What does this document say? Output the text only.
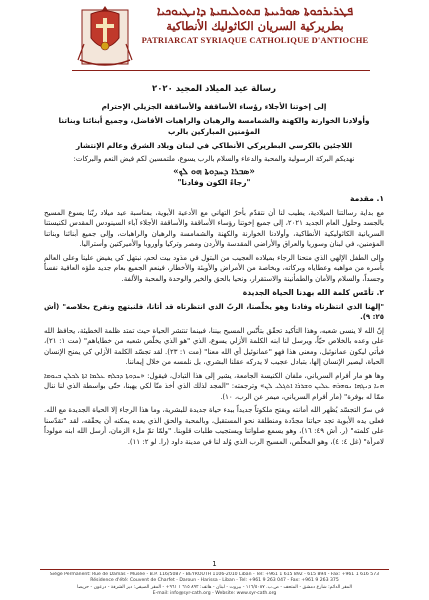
ܦܛܪܝܪܟܘܬܐ ܣܘܪܝܝܬܐ ܩܬܘܠܝܩܝܬܐ ܕܐܢܛܝܘܟܝܐ
بطريركية السريان الكاثوليك الأنطاكية
PATRIARCAT SYRIAQUE CATHOLIQUE D'ANTIOCHE

رسالة عيد الميلاد المجيد ٢٠٢٠

إلى إخوتنا الأجلاء رؤساء الأساقفة والأساقفة الجزيلي الإحترام

وأولادنا الخوارنة والكهنة والشمامسة والرهبان والراهبات الأفاضل، وجميع أبنائنا وبناتنا المؤمنين المباركين بالرب

اللاجئين بالكرسي البطريركي الأنطاكي في لبنان وبلاد الشرق وعالم الإنتشار

نهديكم البركة الرسولية والمحبة والدعاء والسلام بالرب يسوع، ملتمسين لكم فيض النعم والبركات:

«ܣܒܪܐ ܕܚܕܘܬܐ ܗܘ ܠܟ»

"رجاءُ الكون وفادنا"

١. مقدمة

مع بداية رسالتنا الميلادية، يطيب لنا أن نتقدّم بأحرّ التهاني مع الأدعية الأبوية، بمناسبة عيد ميلاد ربّنا يسوع المسيح بالجسد وحلول العام الجديد ٢٠٢١، إلى جميع إخوتنا رؤساء الأساقفة والأساقفة الأجلاء آباء السينودس المقدس لكنيستنا السريانية الكاثوليكية الأنطاكية، وأولادنا الخوارنة والكهنة والشمامسة والرهبان والراهبات، وإلى جميع أبنائنا وبناتنا المؤمنين، في لبنان وسوريا والعراق والأراضي المقدسة والأردن ومصر وتركيا وأوروبا والأميركتين وأستراليا.

وإلى الطفل الإلهي الذي منحنا الرجاء بميلاده العجيب من البتول في مذود بيت لحم، نبتهل كي يفيض علينا وعلى العالم بأسره من مواهبه وعطاياه وبركاته، وبخاصة من الأمراض والأوبئة والأخطار، فينعم الجميع بعام جديد ملؤه العافية نفساً وجسداً، والسلام والأمان والطمأنينة والاستقرار، ونحيا بالحق والخير والوحدة والمحبة والألفة.

٢. تأمّس كلمة الله بهدنا الحياة الجديدة

"إلهنا الذي انتظرناه وفادنا وهو يخلّصنا، الربّ الذي انتظرناه قد أتانا، فلنبتهج ونفرح بخلاصه" (أش ٢٥: ٩).

إنّ الله لا ينسى شعبه، وهذا التأكيد تحقّق بتأنّس المسيح بيننا، فبينما تنتشر الحياة حيث تمتد ظلمة الخطيئة، يحافظ الله على وعده بالخلاص حيّاً، ويرسل لنا ابنه الكلمة الأزلي يسوع، الذي "هو الذي يخلّص شعبه من خطاياهم" (مت ١: ٢١)، فيأتي ليكون عمانوئيل، ومعنى هذا فهو "عمانوئيل أي الله معنا" (مت ١: ٢٣). لقد تجسّد الكلمة الأزلي كي يمنح الإنسان الحياة، ليصير الإنسان إلها، بتبادل عجيب لا يدركه عقلنا البشري، بل نلمسه من خلال إيماننا.

وها هو مار أفرام السرياني، ملفان الكنيسة الجامعة، يشير إلى هذا التبادل، فيقول: «ܚܕܘܬܐ ܕܟܠܗ ܥܠܡܐ ܐܬܐ ܠܟܠܢ ܒܝܘܡܐ ܗܢܐ ܕܢܓܗܐ ܢܘܗܪܗ ܥܠܝܢ ܘܫܪܪܐ ܐܬܓܠܝ ܠܢ» وترجمته: "المجد لذلك الذي أخذ منّا لكي يهبنا، حتّى بواسطة الذي لنا ننال ممّا له بوفرة" (مار أفرام السرياني، ميمر عن الرب، ١٠).

في سرّ التجسّد يُظهر الله أمانته ويفتح ملكوتاً جديداً ببدء حياة جديدة للبشرية، وما هذا الرجاء إلا الحياة الجديدة مع الله. فعلى يده الأبوية تجد حياتنا مجدّدة ومنطلقة نحو المستقبل، وبالمحبة والحق الذي يعده يمكنه أن يحقّقه، لقد "تقدّسنا على كلمته" (ر. أش ٤٩: ١٦)، وهو يسمع صلواتنا ويستجيب طلبات قلوبنا. "ولمّا تمّ ملء الزمان، أرسل الله ابنه مولوداً لامرأة" (غل ٤: ٤)، وهو المخلّص، المسيح الرب الذي وُلد لنا في مدينة داود (را. لو ٢: ١١).

1
Siège Permanent: Rue de Damas - Musée - B.P. 116/5087 - BEYROUTH 1106-2010 Liban - Tel: +961 1 615 892 - 615 894 - Fax: +961 1 616 573
Résidence d'été: Couvent de Charfet - Daroun - Harissa - Liban - Tel: +961 9 263 047 - Fax: +961 9 263 375
المقر الدائم: شارع دمشق - المتحف - ص.ب. ١١٦/٥٠٨٧ - بيروت - لبنان - هاتف: ٨٩٢ ٦١٥ ١ ٩٦١+ - المقر الصيفي: دير الشرفة - درعون - حريصا
E-mail: info@syr-cath.org - Website: www.syr-cath.org
